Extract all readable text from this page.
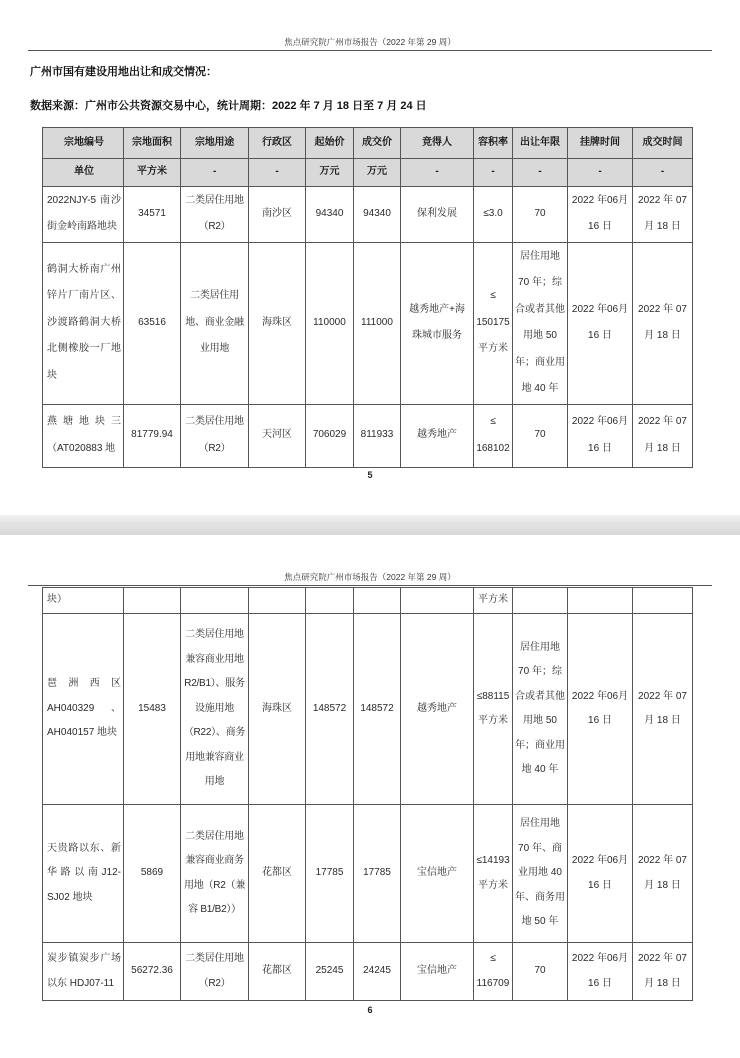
焦点研究院广州市场报告（2022 年第 29 周）
广州市国有建设用地出让和成交情况：
数据来源：广州市公共资源交易中心，统计周期：2022 年 7 月 18 日至 7 月 24 日
宗地编号	宗地面积	宗地用途	行政区	起始价	成交价	竞得人	容积率	出让年限	挂牌时间	成交时间
单位	平方米	-	-	万元	万元	-	-	-	-	-
2022NJY-5 南沙街金岭南路地块	34571	二类居住用地（R2）	南沙区	94340	94340	保利发展	≤3.0	70	2022 年06月16 日	2022 年 07 月 18 日
鹤洞大桥南广州锌片厂南片区、沙渡路鹤洞大桥北侧橡胶一厂地块	63516	二类居住用地、商业金融业用地	海珠区	110000	111000	越秀地产+海珠城市服务	≤ 150175平方米	居住用地 70 年；综合或者其他用地 50 年；商业用地 40 年	2022 年06月16 日	2022 年 07 月 18 日
燕塘地块三（AT020883 地	81779.94	二类居住用地（R2）	天河区	706029	811933	越秀地产	≤ 168102	70	2022 年06月16 日	2022 年 07 月 18 日
5
焦点研究院广州市场报告（2022 年第 29 周）
块）							平方米			
琶洲西区AH040329 、AH040157 地块	15483	二类居住用地兼容商业用地R2/B1）、服务设施用地（R22）、商务用地兼容商业用地	海珠区	148572	148572	越秀地产	≤88115平方米	居住用地 70 年；综合或者其他用地 50 年；商业用地 40 年	2022 年06月16 日	2022 年 07 月 18 日
天贵路以东、新华路以南J12-SJ02 地块	5869	二类居住用地兼容商业商务用地（R2（兼容 B1/B2））	花都区	17785	17785	宝信地产	≤14193平方米	居住用地 70 年、商业用地 40 年、商务用地 50 年	2022 年06月16 日	2022 年 07 月 18 日
炭步镇炭步广场以东 HDJ07-11	56272.36	二类居住用地（R2）	花都区	25245	24245	宝信地产	≤ 116709	70	2022 年06月16 日	2022 年 07 月 18 日
6
